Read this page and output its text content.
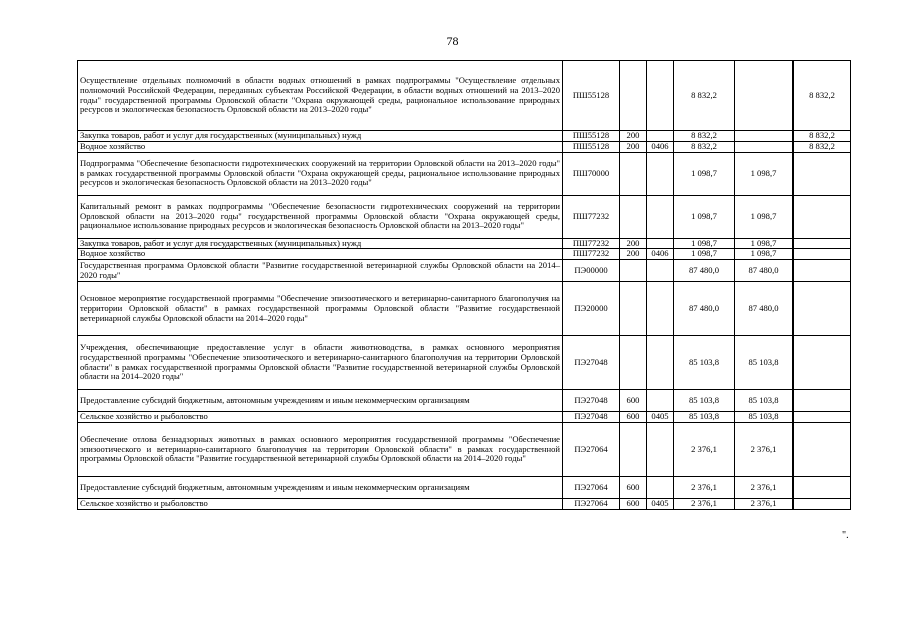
78
Осуществление отдельных полномочий в области водных отношений в рамках подпрограммы "Осуществление отдельных полномочий Российской Федерации, переданных субъектам Российской Федерации, в области водных отношений на 2013–2020 годы" государственной программы Орловской области "Охрана окружающей среды, рациональное использование природных ресурсов и экологическая безопасность Орловской области на 2013–2020 годы"	ПШ55128			8 832,2			8 832,2
Закупка товаров, работ и услуг для государственных (муниципальных) нужд	ПШ55128	200		8 832,2			8 832,2
Водное хозяйство	ПШ55128	200	0406	8 832,2			8 832,2
Подпрограмма "Обеспечение безопасности гидротехнических сооружений на территории Орловской области на 2013–2020 годы" в рамках государственной программы Орловской области "Охрана окружающей среды, рациональное использование природных ресурсов и экологическая безопасность Орловской области на 2013–2020 годы"	ПШ70000			1 098,7	1 098,7		
Капитальный ремонт в рамках подпрограммы "Обеспечение безопасности гидротехнических сооружений на территории Орловской области на 2013–2020 годы" государственной программы Орловской области "Охрана окружающей среды, рациональное использование природных ресурсов и экологическая безопасность Орловской области на 2013–2020 годы"	ПШ77232			1 098,7	1 098,7		
Закупка товаров, работ и услуг для государственных (муниципальных) нужд	ПШ77232	200		1 098,7	1 098,7		
Водное хозяйство	ПШ77232	200	0406	1 098,7	1 098,7		
Государственная программа Орловской области "Развитие государственной ветеринарной службы Орловской области на 2014–2020 годы"	ПЭ00000			87 480,0	87 480,0		
Основное мероприятие государственной программы "Обеспечение эпизоотического и ветеринарно-санитарного благополучия на территории Орловской области" в рамках государственной программы Орловской области "Развитие государственной ветеринарной службы Орловской области на 2014–2020 годы"	ПЭ20000			87 480,0	87 480,0		
Учреждения, обеспечивающие предоставление услуг в области животноводства, в рамках основного мероприятия государственной программы "Обеспечение эпизоотического и ветеринарно-санитарного благополучия на территории Орловской области" в рамках государственной программы Орловской области "Развитие государственной ветеринарной службы Орловской области на 2014–2020 годы"	ПЭ27048			85 103,8	85 103,8		
Предоставление субсидий бюджетным, автономным учреждениям и иным некоммерческим организациям	ПЭ27048	600		85 103,8	85 103,8		
Сельское хозяйство и рыболовство	ПЭ27048	600	0405	85 103,8	85 103,8		
Обеспечение отлова безнадзорных животных в рамках основного мероприятия государственной программы "Обеспечение эпизоотического и ветеринарно-санитарного благополучия на территории Орловской области" в рамках государственной программы Орловской области "Развитие государственной ветеринарной службы Орловской области на 2014–2020 годы"	ПЭ27064			2 376,1	2 376,1		
Предоставление субсидий бюджетным, автономным учреждениям и иным некоммерческим организациям	ПЭ27064	600		2 376,1	2 376,1		
Сельское хозяйство и рыболовство	ПЭ27064	600	0405	2 376,1	2 376,1		
".
